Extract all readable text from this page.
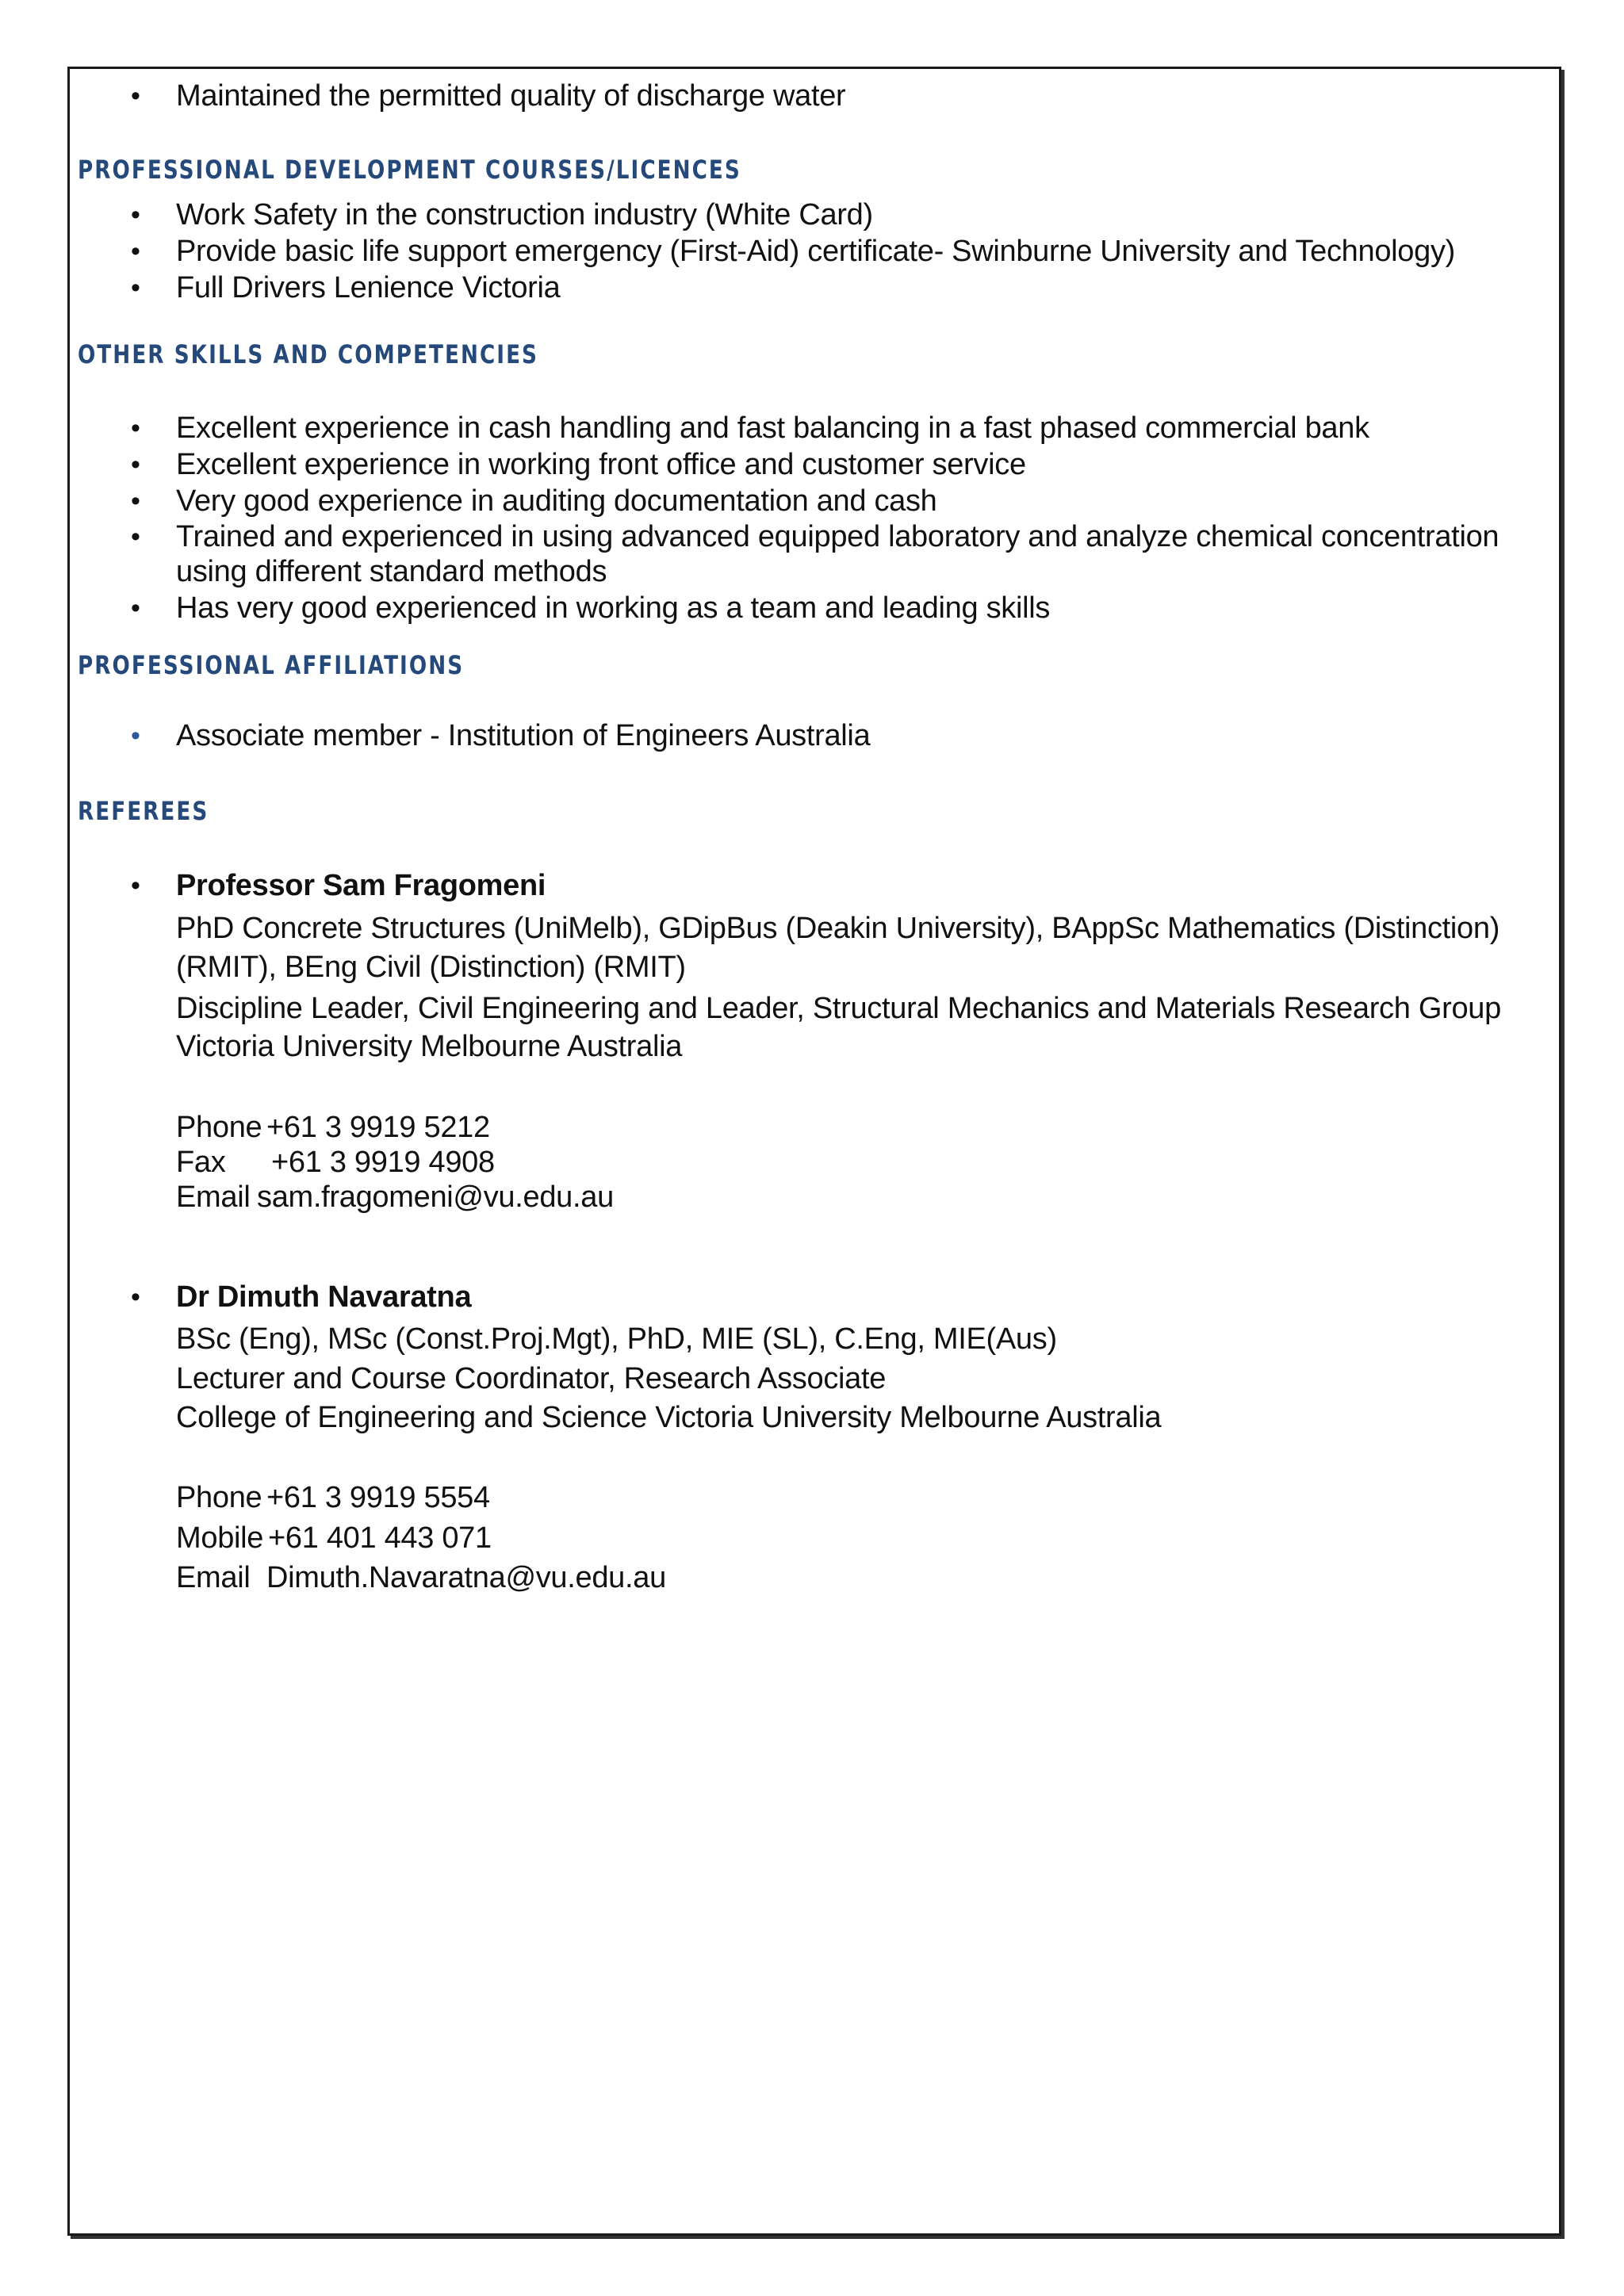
• Maintained the permitted quality of discharge water
PROFESSIONAL DEVELOPMENT COURSES/LICENCES
• Work Safety in the construction industry (White Card)
• Provide basic life support emergency (First-Aid) certificate- Swinburne University and Technology)
• Full Drivers Lenience Victoria
OTHER SKILLS AND COMPETENCIES
• Excellent experience in cash handling and fast balancing in a fast phased commercial bank
• Excellent experience in working front office and customer service
• Very good experience in auditing documentation and cash
• Trained and experienced in using advanced equipped laboratory and analyze chemical concentration
using different standard methods
• Has very good experienced in working as a team and leading skills
PROFESSIONAL AFFILIATIONS
• Associate member - Institution of Engineers Australia
REFEREES
• Professor Sam Fragomeni
PhD Concrete Structures (UniMelb), GDipBus (Deakin University), BAppSc Mathematics (Distinction)
(RMIT), BEng Civil (Distinction) (RMIT)
Discipline Leader, Civil Engineering and Leader, Structural Mechanics and Materials Research Group
Victoria University Melbourne Australia
Phone +61 3 9919 5212
Fax +61 3 9919 4908
Email sam.fragomeni@vu.edu.au
• Dr Dimuth Navaratna
BSc (Eng), MSc (Const.Proj.Mgt), PhD, MIE (SL), C.Eng, MIE(Aus)
Lecturer and Course Coordinator, Research Associate
College of Engineering and Science Victoria University Melbourne Australia
Phone +61 3 9919 5554
Mobile +61 401 443 071
Email Dimuth.Navaratna@vu.edu.au
